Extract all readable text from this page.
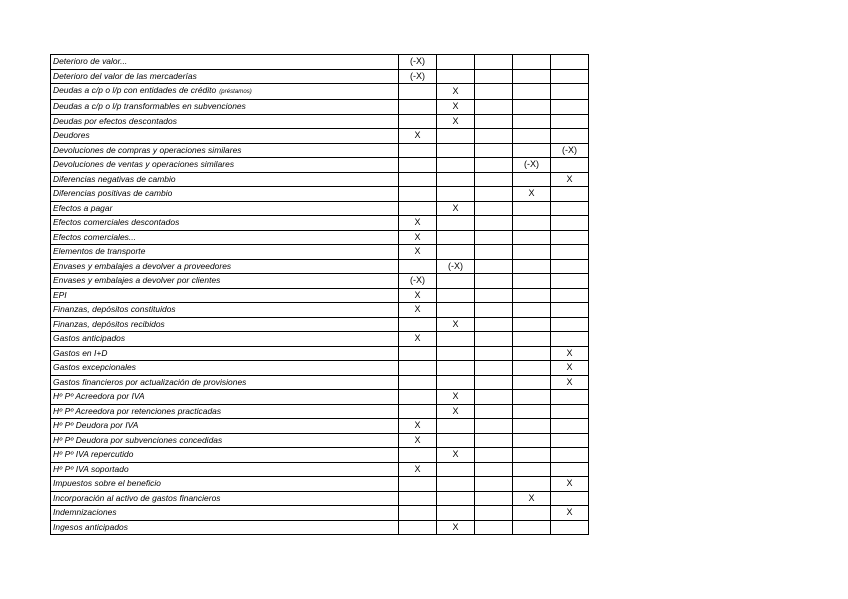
Deterioro de valor...	(-X)				
Deterioro del valor de las mercaderías	(-X)				
Deudas a c/p o l/p con entidades de crédito (préstamos)		X			
Deudas a c/p o l/p transformables en subvenciones		X			
Deudas por efectos descontados		X			
Deudores	X				
Devoluciones de compras y operaciones similares					(-X)
Devoluciones de ventas y operaciones similares				(-X)	
Diferencias negativas de cambio					X
Diferencias positivas de cambio				X	
Efectos a pagar		X			
Efectos comerciales descontados	X				
Efectos comerciales...	X				
Elementos de transporte	X				
Envases y embalajes a devolver a proveedores		(-X)			
Envases y embalajes a devolver por clientes	(-X)				
EPI	X				
Finanzas, depósitos constituidos	X				
Finanzas, depósitos recibidos		X			
Gastos anticipados	X				
Gastos en I+D					X
Gastos excepcionales					X
Gastos financieros por actualización de provisiones					X
Hº Pº Acreedora por IVA		X			
Hº Pº Acreedora por retenciones practicadas		X			
Hº Pº Deudora por IVA	X				
Hº Pº Deudora por subvenciones concedidas	X				
Hº Pº IVA repercutido		X			
Hº Pº IVA soportado	X				
Impuestos sobre el beneficio					X
Incorporación al activo de gastos financieros				X	
Indemnizaciones					X
Ingesos anticipados		X			
